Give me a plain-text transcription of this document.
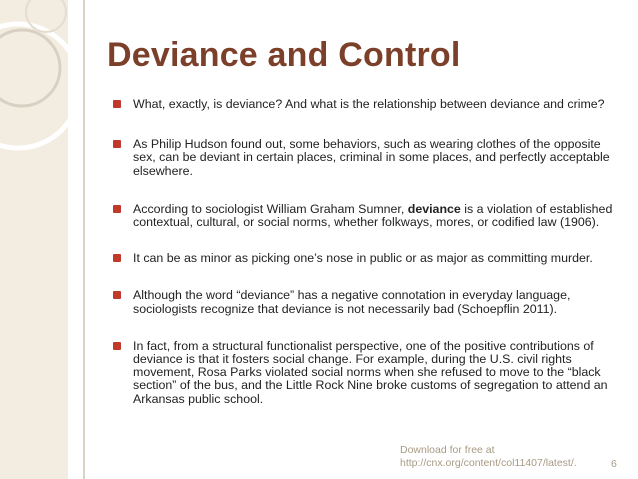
Deviance and Control
What, exactly, is deviance? And what is the relationship between deviance and crime?
As Philip Hudson found out, some behaviors, such as wearing clothes of the opposite sex, can be deviant in certain places, criminal in some places, and perfectly acceptable elsewhere.
According to sociologist William Graham Sumner, deviance is a violation of established contextual, cultural, or social norms, whether folkways, mores, or codified law (1906).
It can be as minor as picking one’s nose in public or as major as committing murder.
Although the word “deviance” has a negative connotation in everyday language, sociologists recognize that deviance is not necessarily bad (Schoepflin 2011).
In fact, from a structural functionalist perspective, one of the positive contributions of deviance is that it fosters social change. For example, during the U.S. civil rights movement, Rosa Parks violated social norms when she refused to move to the “black section” of the bus, and the Little Rock Nine broke customs of segregation to attend an Arkansas public school.
Download for free at
http://cnx.org/content/col11407/latest/.	6
